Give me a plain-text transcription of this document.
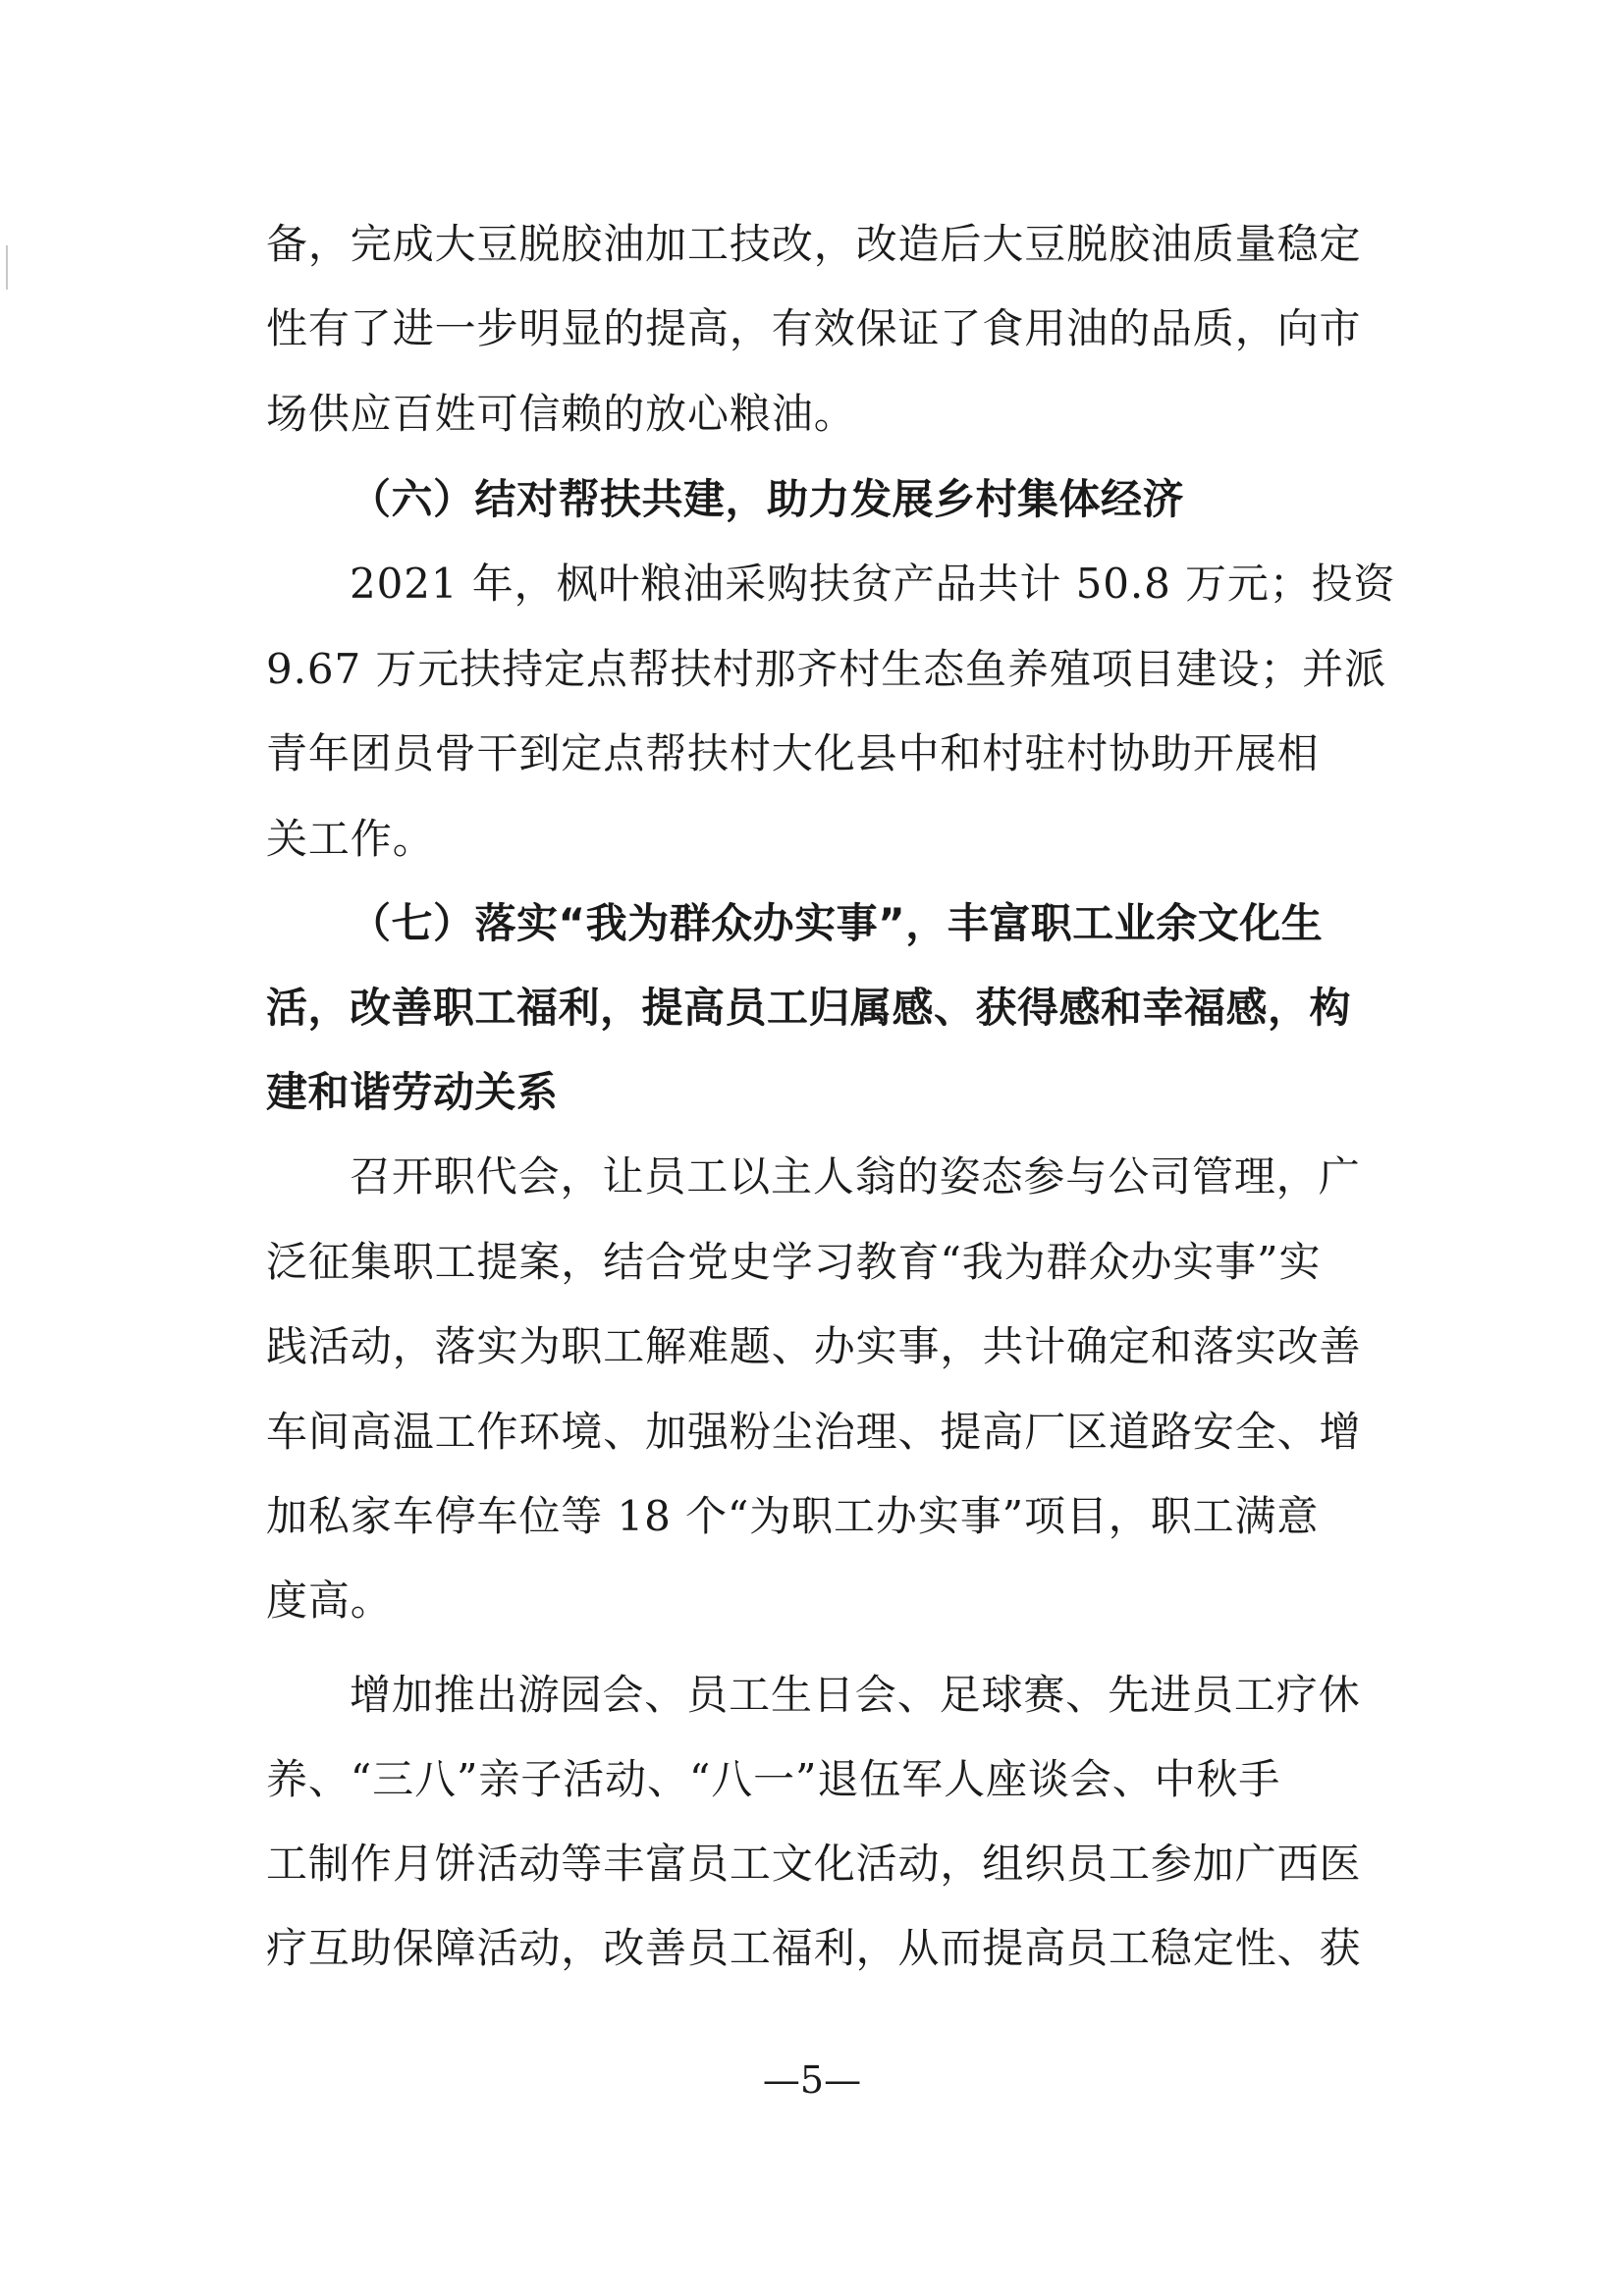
备，完成大豆脱胶油加工技改，改造后大豆脱胶油质量稳定
性有了进一步明显的提高，有效保证了食用油的品质，向市
场供应百姓可信赖的放心粮油。
（六）结对帮扶共建，助力发展乡村集体经济
2021 年，枫叶粮油采购扶贫产品共计 50.8 万元；投资
9.67 万元扶持定点帮扶村那齐村生态鱼养殖项目建设；并派
青年团员骨干到定点帮扶村大化县中和村驻村协助开展相
关工作。
（七）落实“我为群众办实事”，丰富职工业余文化生
活，改善职工福利，提高员工归属感、获得感和幸福感，构
建和谐劳动关系
召开职代会，让员工以主人翁的姿态参与公司管理，广
泛征集职工提案，结合党史学习教育“我为群众办实事”实
践活动，落实为职工解难题、办实事，共计确定和落实改善
车间高温工作环境、加强粉尘治理、提高厂区道路安全、增
加私家车停车位等 18 个“为职工办实事”项目，职工满意
度高。
增加推出游园会、员工生日会、足球赛、先进员工疗休
养、“三八”亲子活动、“八一”退伍军人座谈会、中秋手
工制作月饼活动等丰富员工文化活动，组织员工参加广西医
疗互助保障活动，改善员工福利，从而提高员工稳定性、获
—5—
